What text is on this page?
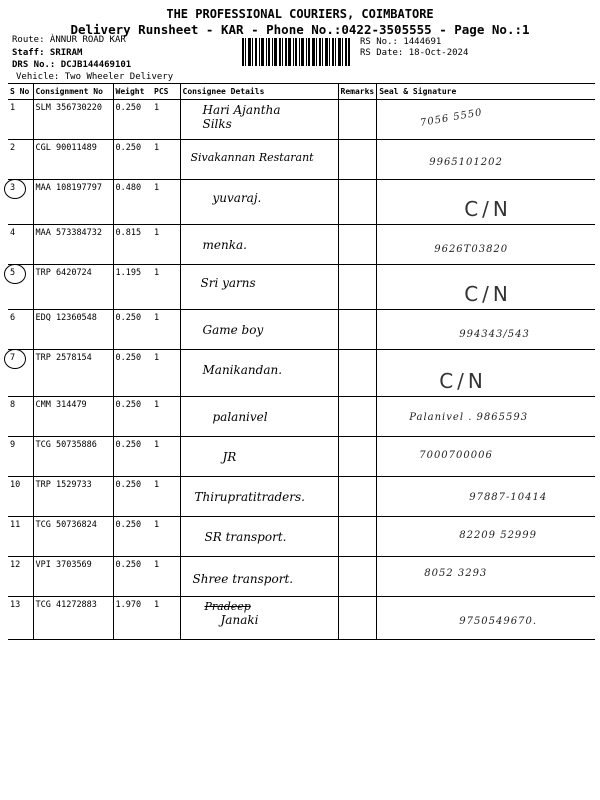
THE PROFESSIONAL COURIERS, COIMBATORE
Delivery Runsheet - KAR - Phone No.:0422-3505555 - Page No.:1
Route: ÀNNUR ROAD KAR
Staff: SRIRAM
DRS No.: DCJB144469101
Vehicle: Two Wheeler Delivery
RS No.: 1444691
RS Date: 18-Oct-2024
S No	Consignment No	Weight	PCS	Consignee Details	Remarks	Seal & Signature
1	SLM 356730220	0.250	1	Hari Ajantha Silks		7056 5550

2	CGL 90011489	0.250	1	Sivakannan Restarant		9965101202

3	MAA 108197797	0.480	1	yuvaraj.		C/N

4	MAA 573384732	0.815	1	menka.		9626T03820

5	TRP 6420724	1.195	1	Sri yarns		C/N

6	EDQ 12360548	0.250	1	Game boy		994343/543

7	TRP 2578154	0.250	1	Manikandan.		C/N

8	CMM 314479	0.250	1	palanivel		Palanivel . 9865593

9	TCG 50735886	0.250	1	JR		7000700006

10	TRP 1529733	0.250	1	Thirupratitraders.		97887-10414

11	TCG 50736824	0.250	1	SR transport.		82209 52999

12	VPI 3703569	0.250	1	Shree transport.		8052 3293

13	TCG 41272883	1.970	1	Pradeep
Janaki		9750549670.
